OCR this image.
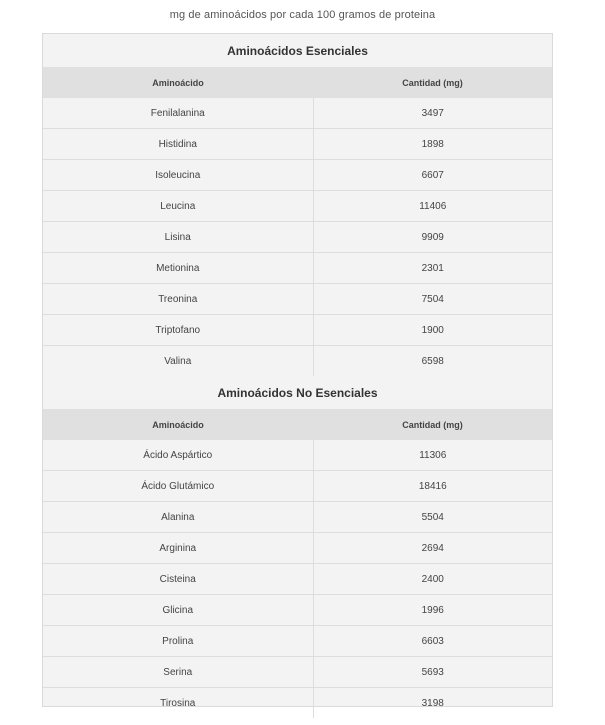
mg de aminoácidos por cada 100 gramos de proteina
Aminoácidos Esenciales	
Aminoácido	Cantidad (mg)
Fenilalanina	3497
Histidina	1898
Isoleucina	6607
Leucina	11406
Lisina	9909
Metionina	2301
Treonina	7504
Triptofano	1900
Valina	6598
Aminoácidos No Esenciales	
Aminoácido	Cantidad (mg)
Ácido Aspártico	11306
Ácido Glutámico	18416
Alanina	5504
Arginina	2694
Cisteina	2400
Glicina	1996
Prolina	6603
Serina	5693
Tirosina	3198
